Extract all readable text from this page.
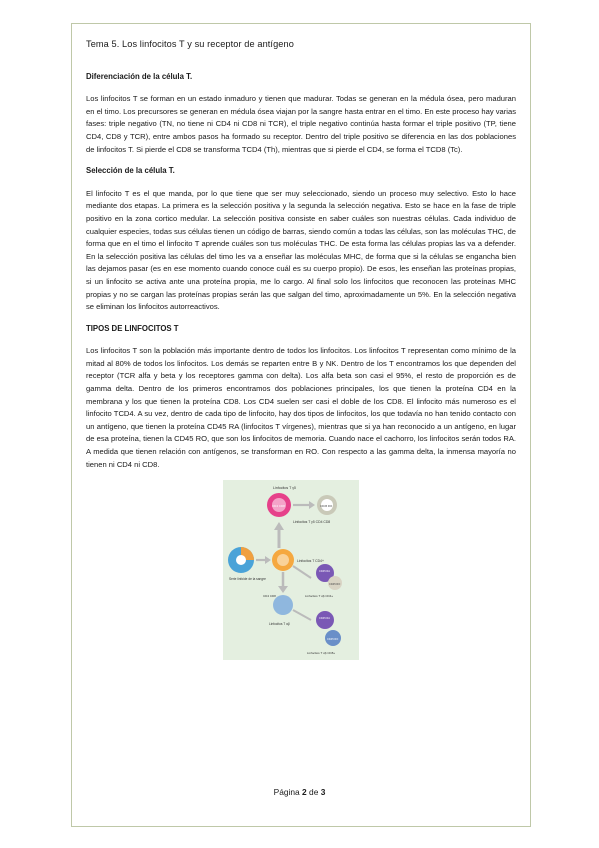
Tema 5. Los linfocitos T y su receptor de antígeno
Diferenciación de la célula T.

Los linfocitos T se forman en un estado inmaduro y tienen que madurar. Todas se generan en la médula ósea, pero maduran en el timo. Los precursores se generan en médula ósea viajan por la sangre hasta entrar en el timo. En este proceso hay varias fases: triple negativo (TN, no tiene ni CD4 ni CD8 ni TCR), el triple negativo continúa hasta formar el triple positivo (TP, tiene CD4, CD8 y TCR), entre ambos pasos ha formado su receptor. Dentro del triple positivo se diferencia en las dos poblaciones de linfocitos T. Si pierde el CD8 se transforma TCD4 (Th), mientras que si pierde el CD4, se forma el TCD8 (Tc).

Selección de la célula T.

El linfocito T es el que manda, por lo que tiene que ser muy seleccionado, siendo un proceso muy selectivo. Esto lo hace mediante dos etapas. La primera es la selección positiva y la segunda la selección negativa. Esto se hace en la fase de triple positivo en la zona cortico medular. La selección positiva consiste en saber cuáles son nuestras células. Cada individuo de cualquier especies, todas sus células tienen un código de barras, siendo común a todas las células, son las moléculas THC, de forma que en el timo el linfocito T aprende cuáles son tus moléculas THC. De esta forma las células propias las va a defender. En la selección positiva las células del timo les va a enseñar las moléculas MHC, de forma que si la células se engancha bien las dejamos pasar (es en ese momento cuando conoce cuál es su cuerpo propio). De esos, les enseñan las proteínas propias, si un linfocito se activa ante una proteína propia, me lo cargo. Al final solo los linfocitos que reconocen las proteínas MHC propias y no se cargan las proteínas propias serán las que salgan del timo, aproximadamente un 5%. En la selección negativa se eliminan los linfocitos autorreactivos.

TIPOS DE LINFOCITOS T

Los linfocitos T son la población más importante dentro de todos los linfocitos. Los linfocitos T representan como mínimo de la mitad al 80% de todos los linfocitos. Los demás se reparten entre B y NK. Dentro de los T encontramos los que dependen del receptor (TCR alfa y beta y los receptores gamma con delta). Los alfa beta son casi el 95%, el resto de proporción es de gamma delta. Dentro de los primeros encontramos dos poblaciones principales, los que tienen la proteína CD4 en la membrana y los que tienen la proteína CD8. Los CD4 suelen ser casi el doble de los CD8. El linfocito más numeroso es el linfocito TCD4. A su vez, dentro de cada tipo de linfocito, hay dos tipos de linfocitos, los que todavía no han tenido contacto con un antígeno, que tienen la proteína CD45 RA (linfocitos T vírgenes), mientras que si ya han reconocido a un antígeno, en lugar de esa proteína, tienen la CD45 RO, que son los linfocitos de memoria. Cuando nace el cachorro, los linfocitos serán todos RA. A medida que tienen relación con antígenos, se transforman en RO. Con respecto a las gamma delta, la inmensa mayoría no tienen ni CD4 ni CD8.

Linfocitos T γδ
CD4 CD8	CD45 RO
Linfocitos T γδ CD4 CD8
Serie linfoide de la sangre
Linfocitos T CD4+
CD45 RA
CD45 RO
Linfocitos T αβ CD4+
CD4 CD8
Linfocitos T αβ
CD45 RA
CD45 RO
Linfocitos T αβ CD8+
Página 2 de 3
